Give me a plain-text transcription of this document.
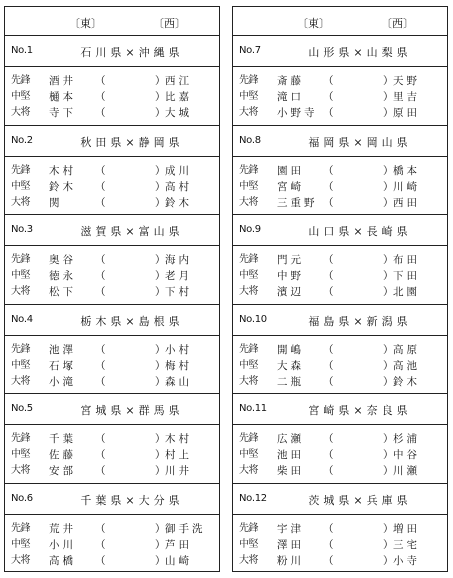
〔東〕	〔西〕
No.1	石川県×沖縄県
先鋒 酒井	（	） 西江
中堅 樋本	（	） 比嘉
大将 寺下	（	） 大城
No.2	秋田県×静岡県
先鋒 木村	（	） 成川
中堅 鈴木	（	） 高村
大将 関	（	） 鈴木
No.3	滋賀県×富山県
先鋒 奥谷	（	） 海内
中堅 徳永	（	） 老月
大将 松下	（	） 下村
No.4	栃木県×島根県
先鋒 池澤	（	） 小村
中堅 石塚	（	） 梅村
大将 小滝	（	） 森山
No.5	宮城県×群馬県
先鋒 千葉	（	） 木村
中堅 佐藤	（	） 村上
大将 安部	（	） 川井
No.6	千葉県×大分県
先鋒 荒井	（	） 御手洗
中堅 小川	（	） 芦田
大将 高橋	（	） 山崎
〔東〕	〔西〕
No.7	山形県×山梨県
先鋒 斎藤	（	） 天野
中堅 滝口	（	） 里吉
大将 小野寺 （	） 原田
No.8	福岡県×岡山県
先鋒 園田	（	） 橋本
中堅 宮崎	（	） 川崎
大将 三重野 （	） 西田
No.9	山口県×長崎県
先鋒 門元	（	） 布田
中堅 中野	（	） 下田
大将 濱辺	（	） 北園
No.10	福島県×新潟県
先鋒 開嶋	（	） 高原
中堅 大森	（	） 高池
大将 二瓶	（	） 鈴木
No.11	宮崎県×奈良県
先鋒 広瀬	（	） 杉浦
中堅 池田	（	） 中谷
大将 柴田	（	） 川瀬
No.12	茨城県×兵庫県
先鋒 宇津	（	） 増田
中堅 澤田	（	） 三宅
大将 粉川	（	） 小寺
